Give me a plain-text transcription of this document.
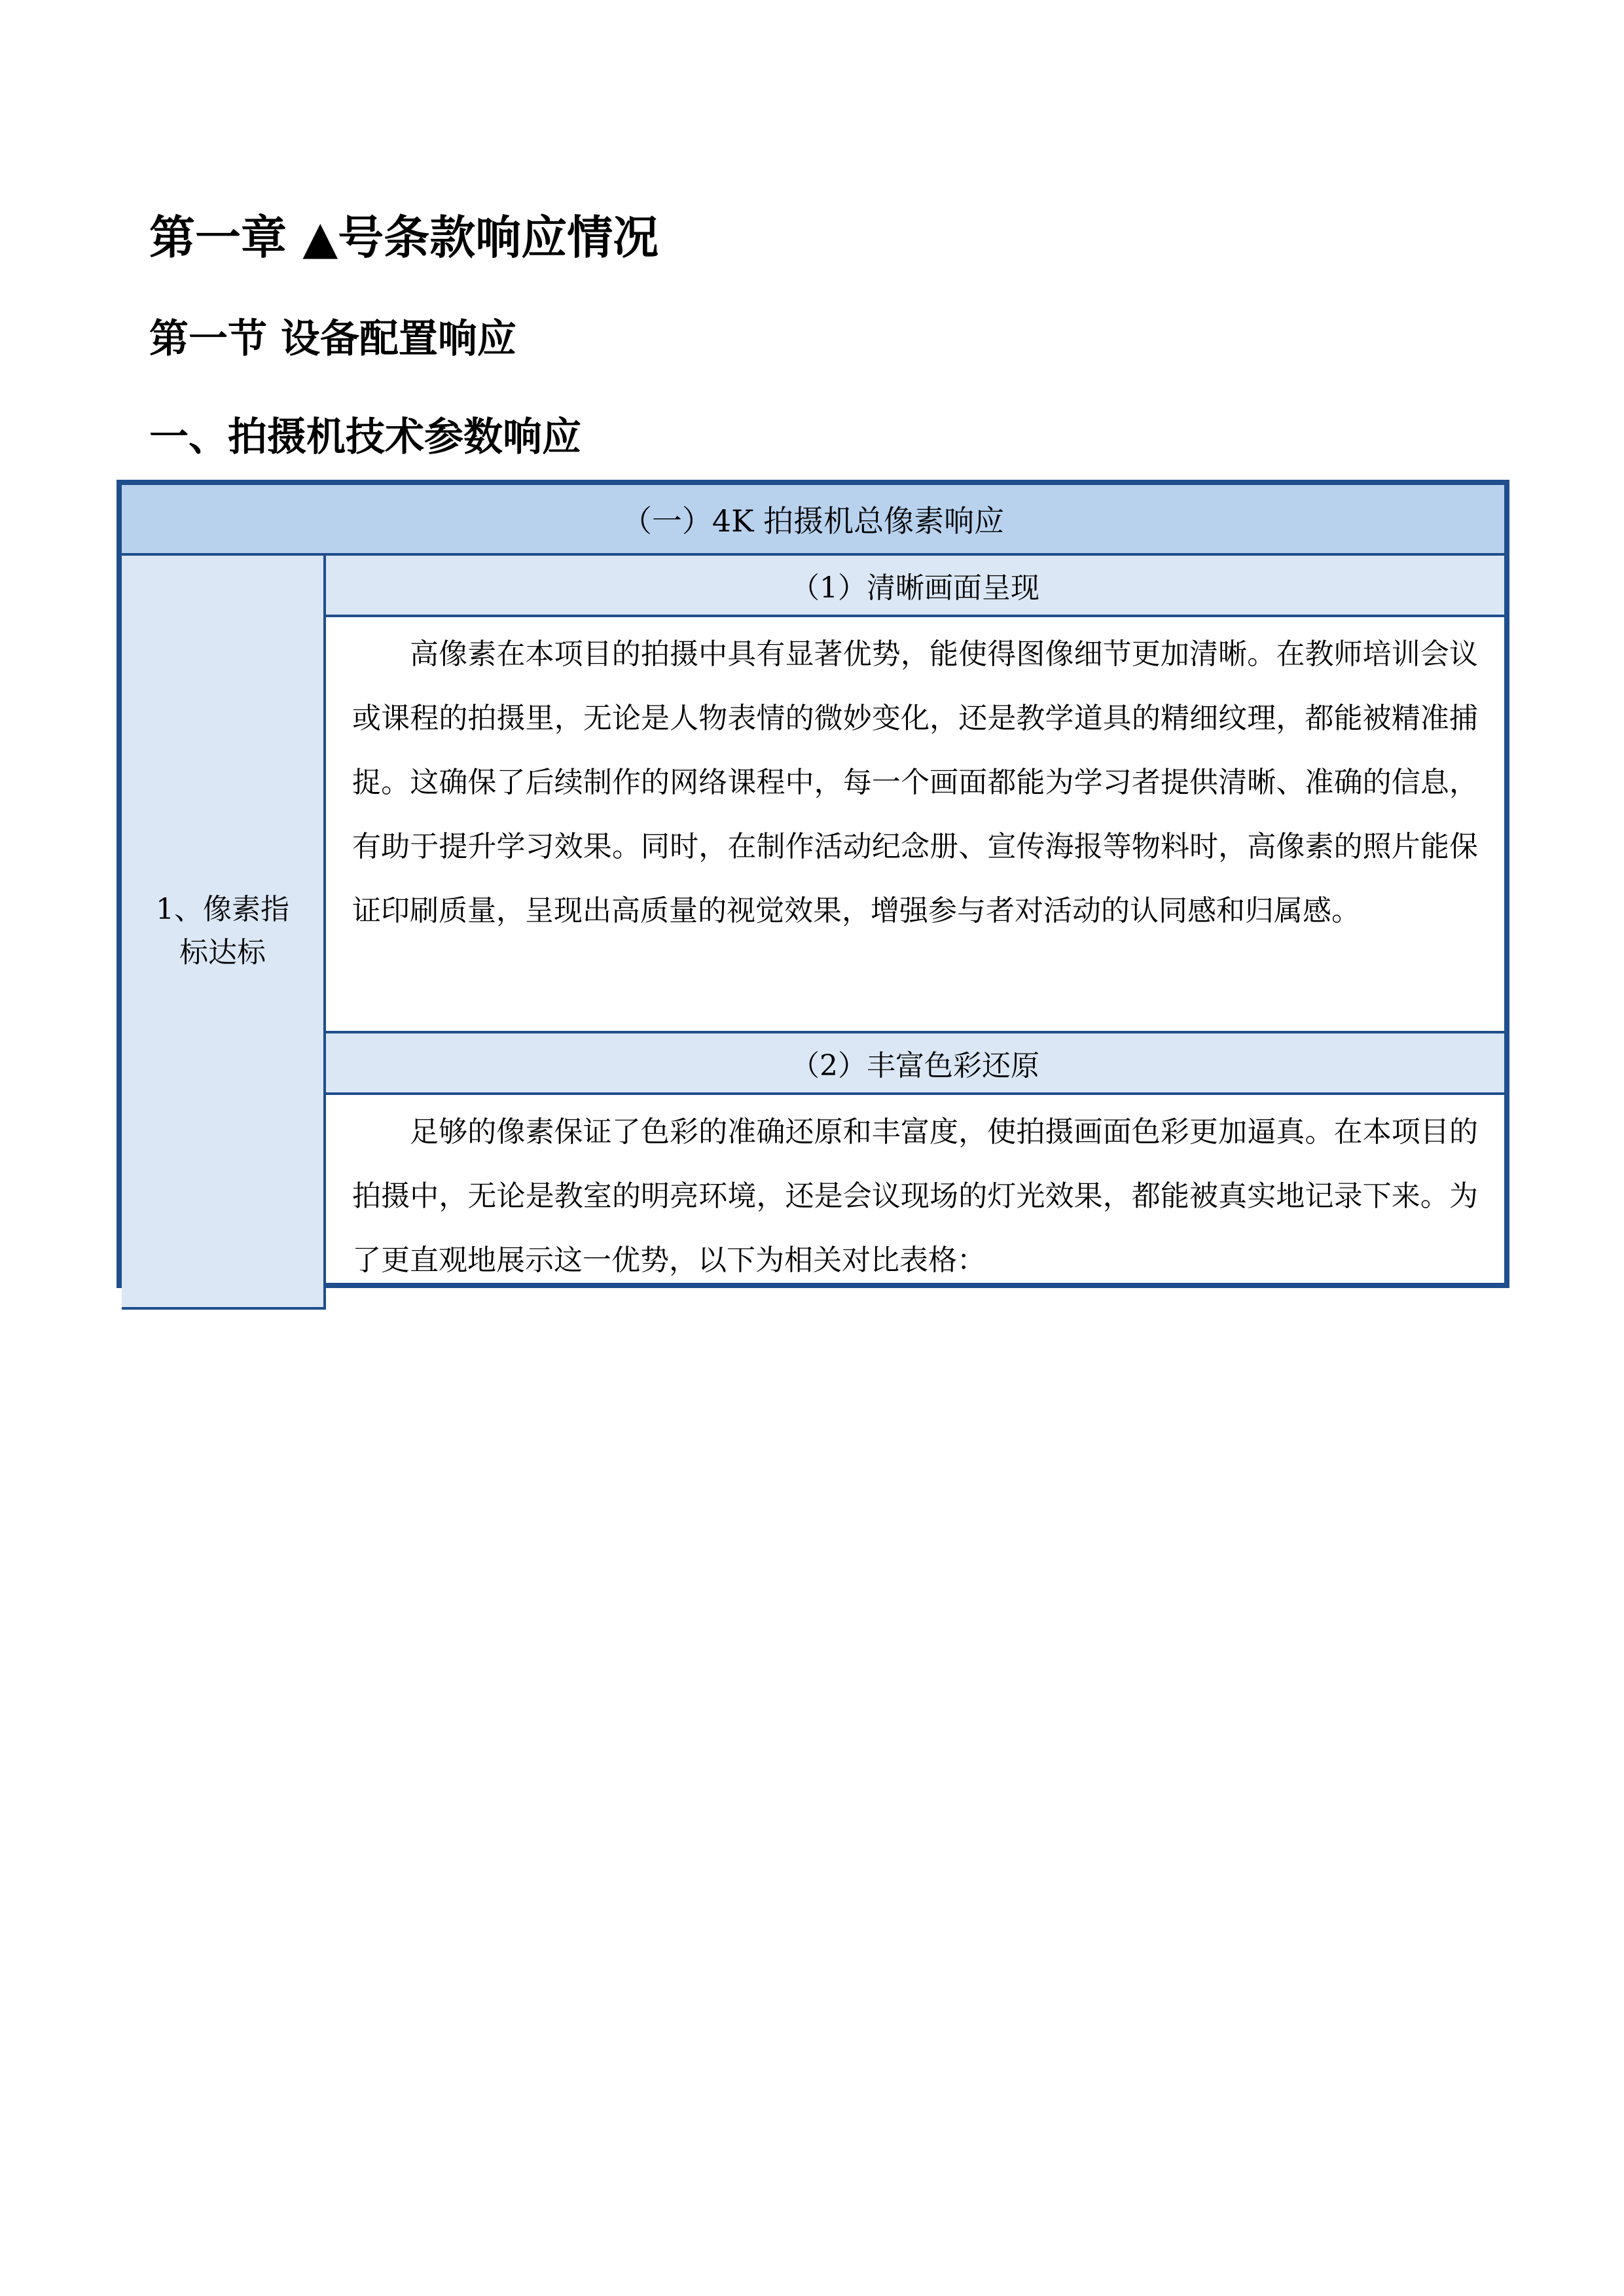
第一章 ▲号条款响应情况
第一节 设备配置响应
一、拍摄机技术参数响应
（一）4K 拍摄机总像素响应

1、像素指标达标
	（1）清晰画面呈现

高像素在本项目的拍摄中具有显著优势，能使得图像细节更加清晰。在教师培训会议或课程的拍摄里，无论是人物表情的微妙变化，还是教学道具的精细纹理，都能被精准捕捉。这确保了后续制作的网络课程中，每一个画面都能为学习者提供清晰、准确的信息，有助于提升学习效果。同时，在制作活动纪念册、宣传海报等物料时，高像素的照片能保证印刷质量，呈现出高质量的视觉效果，增强参与者对活动的认同感和归属感。

（2）丰富色彩还原

足够的像素保证了色彩的准确还原和丰富度，使拍摄画面色彩更加逼真。在本项目的拍摄中，无论是教室的明亮环境，还是会议现场的灯光效果，都能被真实地记录下来。为了更直观地展示这一优势，以下为相关对比表格：
